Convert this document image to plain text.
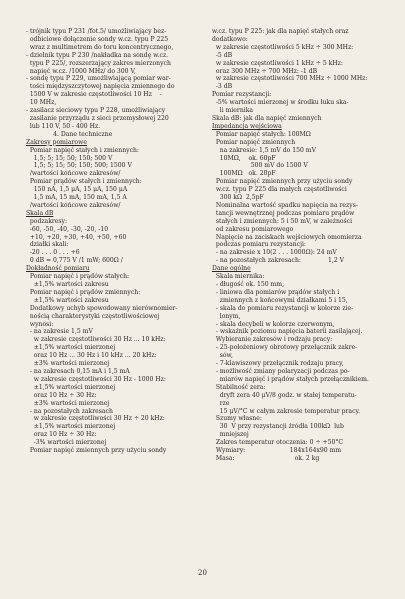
- trójnik typu P 231 /fot.5/ umożliwiający bez-

odbiciowe dołączenie sondy w.cz. typu P 225

wraz z multimetrem do toru koncentrycznego,

- dzielnik typu P 230 /nakładka na sondę w.cz.

typu P 225/, rozszerzający zakres mierzonych

napięć w.cz. /1000 MHz/ do 300 V,

- sondę typu P 229, umożliwiającą pomiar war-

tości międzyszczytowej napięcia zmiennego do

1500 V w zakresie częstotliwości 10 Hz    -

10 MHz,

- zasilacz sieciowy typu P 228, umożliwiający

zasilanie przyrządu z sieci przemysłowej 220

lub 110 V, 50 - 400 Hz.

4. Dane techniczne

Zakresy pomiarowe

Pomiar napięć stałych i zmiennych:

1,5; 5; 15; 50; 150; 500 V

1,5; 5; 15; 50; 150; 500; 1500 V

/wartości końcowe zakresów/

Pomiar prądów stałych i zmiennych:

150 nA, 1,5 μA, 15 μA, 150 μA

1,5 mA, 15 mA, 150 mA, 1,5 A

/wartości końcowe zakresów/

Skala dB

podzakresy:

-60, -50, -40, -30, -20, -10

+10, +20, +30, +40, +50, +60

działki skali:

-20 . . . 0 . . . +6

0 dB = 0,775 V /1 mW; 600Ω /

Dokładność pomiaru

Pomiar napięć i prądów stałych:

±1,5% wartości zakresu

Pomiar napięć i prądów zmiennych:

±1,5% wartości zakresu

Dodatkowy uchyb spowodowany nierównomier-

nością charakterystyki częstotliwościowej

wynosi:

- na zakresie 1,5 mV

w zakresie częstotliwości 30 Hz ... 10 kHz:

±1,5% wartości mierzonej

oraz 10 Hz ... 30 Hz i 10 kHz ... 20 kHz:

±3% wartości mierzonej

- na zakresach 0,15 mA i 1,5 mA

w zakresie częstotliwości 30 Hz - 1000 Hz:

±1,5% wartości mierzonej

oraz 10 Hz ÷ 30 Hz:

±3% wartości mierzonej

- na pozostałych zakresach

w zakresie częstotliwości 30 Hz ÷ 20 kHz:

±1,5% wartości mierzonej

oraz 10 Hz ÷ 30 Hz:

-3% wartości mierzonej

Pomiar napięć zmiennych przy użyciu sondy

w.cz. typu P 225: jak dla napięć stałych oraz

dodatkowo:

w zakresie częstotliwości 5 kHz ÷ 300 MHz:

-5 dB

w zakresie częstotliwości 1 kHz ÷ 5 kHz:

oraz 300 MHz ÷ 700 MHz: -1 dB

w zakresie częstotliwości 700 MHz ÷ 1000 MHz:

-3 dB

Pomiar rezystancji:

-5% wartości mierzonej w środku łuku ska-

li miernika

Skala dB: jak dla napięć zmiennych

Impedancja wejściowa

Pomiar napięć stałych: 100MΩ

Pomiar napięć zmiennych

na zakresie: 1,5 mV do 150 mV

10MΩ,    ok. 60pF

500 mV do 1500 V

100MΩ   ok. 20pF

Pomiar napięć zmiennych przy użyciu sondy

w.cz. typu P 225 dla małych częstotliwości

300 kΩ  2,5pF

Nominalna wartość spadku napięcia na rezys-

tancji wewnętrznej podczas pomiaru prądów

stałych i zmiennych: 5 i 50 mV, w zależności

od zakresu pomiarowego

Napięcie na zaciskach wejściowych omomierza

podczas pomiaru rezystancji:

- na zakresie x 10(2 . . . 1000Ω): 24 mV

- na pozostałych zakresach:              1,2 V

Dane ogólne

Skala miernika:

- długość ok. 150 mm,

- liniowa dla pomiarów prądów stałych i

zmiennych z końcowymi działkami 5 i 15,

- skala do pomiaru rezystancji w kolorze zie-

lonym,

- skala decybeli w kolorze czerwonym,

- wskaźnik poziomu napięcia baterii zasilającej.

Wybieranie zakresów i rodzaju pracy:

- 25-położeniowy obrotowy przełącznik zakre-

sów,

- 7-klawiszowy przełącznik rodzaju pracy,

- możliwość zmiany polaryzacji podczas po-

miarów napięć i prądów stałych przełącznikiem.

Stabilność zera:

dryft zera 40 μV/8 godz. w stałej temperatu-

rze

15 μV/°C w całym zakresie temperatur pracy.

Szumy własne:

30  V przy rezystancji źródła 100kΩ  lub

mniejszej

Zakres temperatur otoczenia: 0 ÷ +50°C

Wymiary:                       184x164x90 mm

Masa:                               ok. 2 kg

20
